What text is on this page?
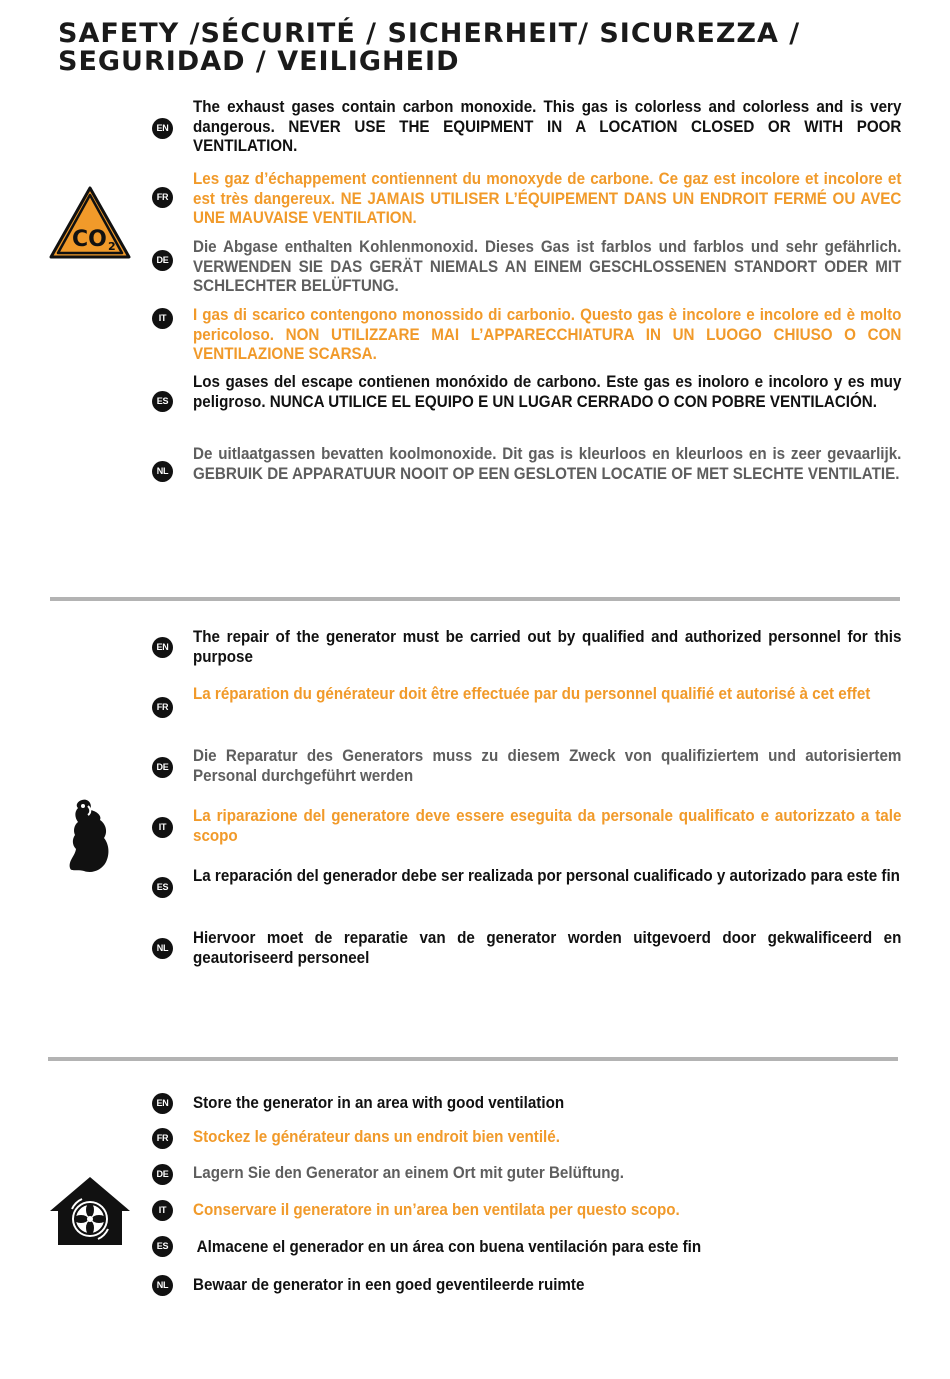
SAFETY /SÉCURITÉ / SICHERHEIT/ SICUREZZA / SEGURIDAD / VEILIGHEID
CO 2
EN
The exhaust gases contain carbon monoxide. This gas is colorless and colorless and is very dangerous. NEVER USE THE EQUIPMENT IN A LOCATION CLOSED OR WITH POOR VENTILATION.
FR
Les gaz d’échappement contiennent du monoxyde de carbone. Ce gaz est incolore et incolore et est très dangereux. NE JAMAIS UTILISER L’ÉQUIPEMENT DANS UN ENDROIT FERMÉ OU AVEC UNE MAUVAISE VENTILATION.
DE
Die Abgase enthalten Kohlenmonoxid. Dieses Gas ist farblos und farblos und sehr gefährlich. VERWENDEN SIE DAS GERÄT NIEMALS AN EINEM GESCHLOSSENEN STANDORT ODER MIT SCHLECHTER BELÜFTUNG.
IT	I gas di scarico contengono monossido di carbonio. Questo gas è incolore e incolore ed è molto pericoloso. NON UTILIZZARE MAI L’APPARECCHIATURA IN UN LUOGO CHIUSO O CON VENTILAZIONE SCARSA.
ES
Los gases del escape contienen monóxido de carbono. Este gas es inoloro e incoloro y es muy peligroso. NUNCA UTILICE EL EQUIPO E UN LUGAR CERRADO O CON POBRE VENTILACIÓN.
NL
De uitlaatgassen bevatten koolmonoxide. Dit gas is kleurloos en kleurloos en is zeer gevaarlijk. GEBRUIK DE APPARATUUR NOOIT OP EEN GESLOTEN LOCATIE OF MET SLECHTE VENTILATIE.
EN
The repair of the generator must be carried out by qualified and authorized personnel for this purpose
FR
La réparation du générateur doit être effectuée par du personnel qualifié et autorisé à cet effet
DE
Die Reparatur des Generators muss zu diesem Zweck von qualifiziertem und autorisiertem Personal durchgeführt werden
IT
La riparazione del generatore deve essere eseguita da personale qualificato e autorizzato a tale scopo
ES
La reparación del generador debe ser realizada por personal cualificado y autorizado para este fin
NL
Hiervoor moet de reparatie van de generator worden uitgevoerd door gekwalificeerd en geautoriseerd personeel
EN Store the generator in an area with good ventilation
FR Stockez le générateur dans un endroit bien ventilé.
DE Lagern Sie den Generator an einem Ort mit guter Belüftung.
IT	Conservare il generatore in un’area ben ventilata per questo scopo.
ES Almacene el generador en un área con buena ventilación para este fin
NL Bewaar de generator in een goed geventileerde ruimte
